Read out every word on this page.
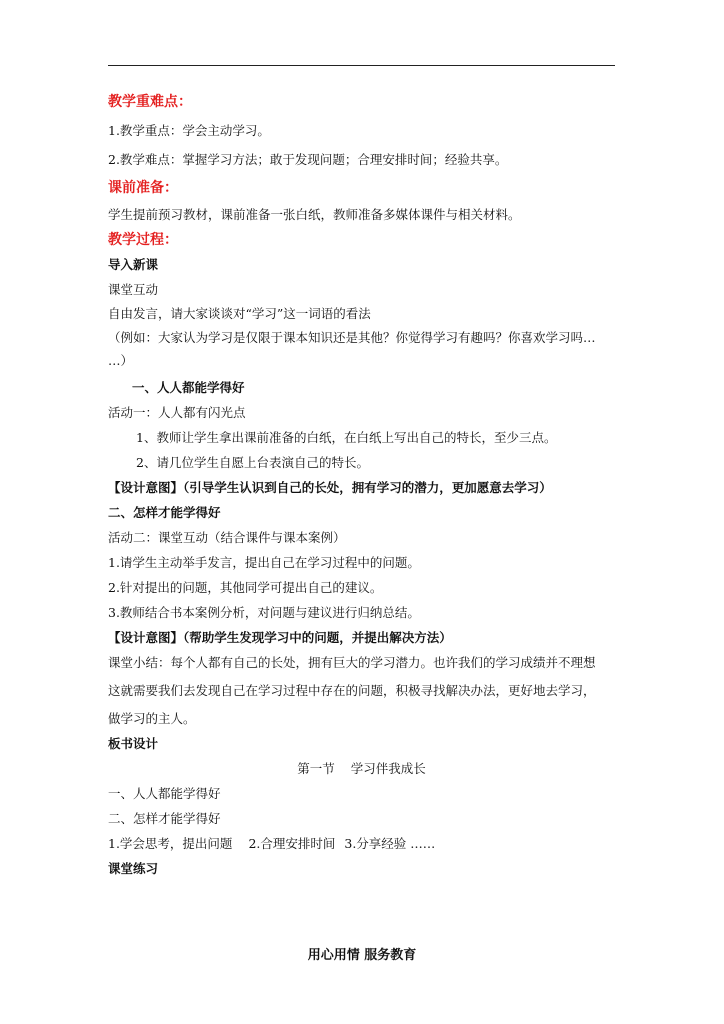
教学重难点：
1.教学重点：学会主动学习。
2.教学难点：掌握学习方法；敢于发现问题；合理安排时间；经验共享。
课前准备：
学生提前预习教材，课前准备一张白纸，教师准备多媒体课件与相关材料。
教学过程：
导入新课
课堂互动
自由发言，请大家谈谈对“学习”这一词语的看法
（例如：大家认为学习是仅限于课本知识还是其他？你觉得学习有趣吗？你喜欢学习吗…
…）
一、人人都能学得好
活动一：人人都有闪光点
1、教师让学生拿出课前准备的白纸，在白纸上写出自己的特长，至少三点。
2、请几位学生自愿上台表演自己的特长。
【设计意图】（引导学生认识到自己的长处，拥有学习的潜力，更加愿意去学习）
二、怎样才能学得好
活动二：课堂互动（结合课件与课本案例）
1.请学生主动举手发言，提出自己在学习过程中的问题。
2.针对提出的问题，其他同学可提出自己的建议。
3.教师结合书本案例分析，对问题与建议进行归纳总结。
【设计意图】（帮助学生发现学习中的问题，并提出解决方法）
课堂小结：每个人都有自己的长处，拥有巨大的学习潜力。也许我们的学习成绩并不理想
这就需要我们去发现自己在学习过程中存在的问题，积极寻找解决办法，更好地去学习，
做学习的主人。
板书设计
第一节 学习伴我成长
一、人人都能学得好
二、怎样才能学得好
1.学会思考，提出问题 2.合理安排时间 3.分享经验 ……
课堂练习
用心用情 服务教育
